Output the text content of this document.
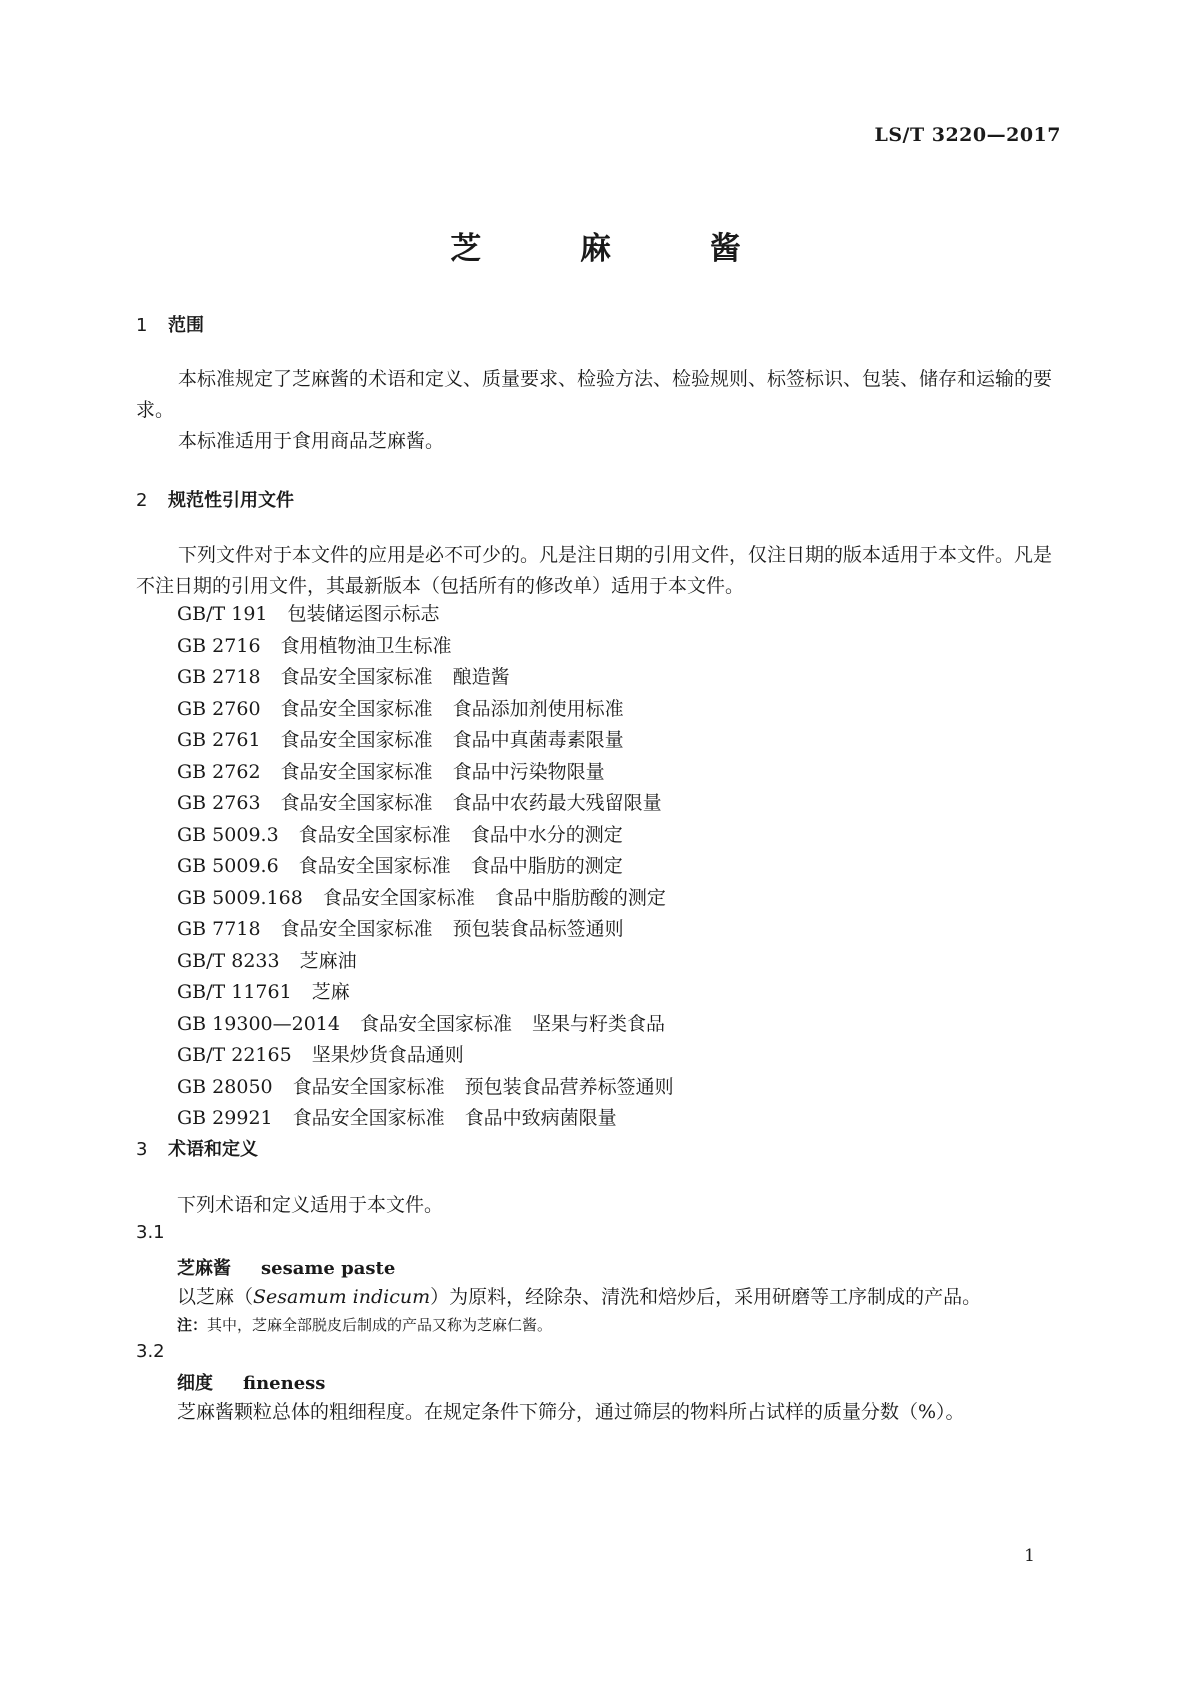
LS/T 3220—2017
芝 麻 酱
1 范围

本标准规定了芝麻酱的术语和定义、质量要求、检验方法、检验规则、标签标识、包装、储存和运输的要求。

本标准适用于食用商品芝麻酱。

2 规范性引用文件

下列文件对于本文件的应用是必不可少的。凡是注日期的引用文件，仅注日期的版本适用于本文件。凡是不注日期的引用文件，其最新版本（包括所有的修改单）适用于本文件。

GB/T 191 包装储运图示标志
GB 2716 食用植物油卫生标准
GB 2718 食品安全国家标准 酿造酱
GB 2760 食品安全国家标准 食品添加剂使用标准
GB 2761 食品安全国家标准 食品中真菌毒素限量
GB 2762 食品安全国家标准 食品中污染物限量
GB 2763 食品安全国家标准 食品中农药最大残留限量
GB 5009.3 食品安全国家标准 食品中水分的测定
GB 5009.6 食品安全国家标准 食品中脂肪的测定
GB 5009.168 食品安全国家标准 食品中脂肪酸的测定
GB 7718 食品安全国家标准 预包装食品标签通则
GB/T 8233 芝麻油
GB/T 11761 芝麻
GB 19300—2014 食品安全国家标准 坚果与籽类食品
GB/T 22165 坚果炒货食品通则
GB 28050 食品安全国家标准 预包装食品营养标签通则
GB 29921 食品安全国家标准 食品中致病菌限量
3 术语和定义
下列术语和定义适用于本文件。
3.1
芝麻酱 sesame paste
以芝麻（Sesamum indicum）为原料，经除杂、清洗和焙炒后，采用研磨等工序制成的产品。
注：其中，芝麻全部脱皮后制成的产品又称为芝麻仁酱。
3.2
细度 fineness
芝麻酱颗粒总体的粗细程度。在规定条件下筛分，通过筛层的物料所占试样的质量分数（%）。
1
